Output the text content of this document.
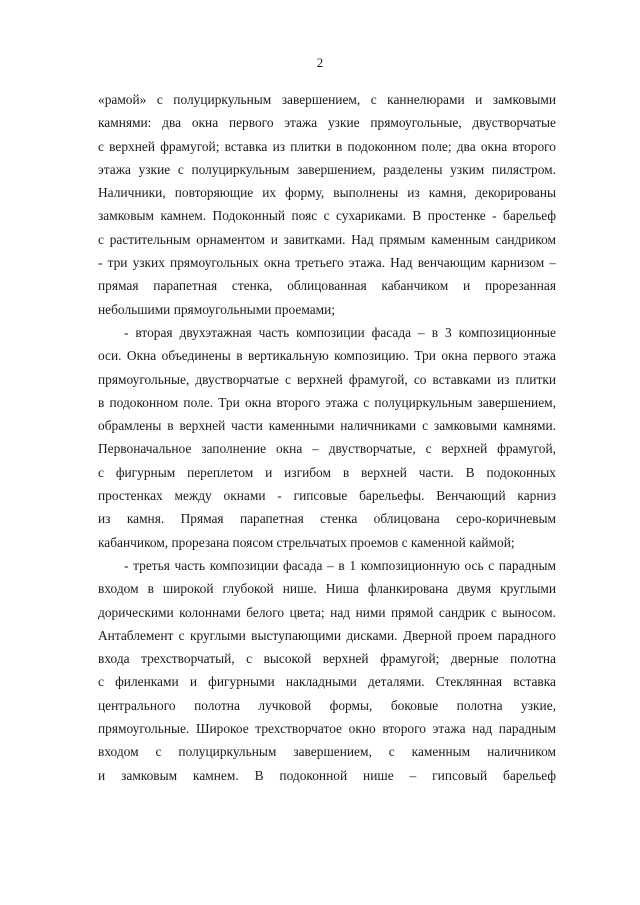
2
«рамой» с полуциркульным завершением, с каннелюрами и замковыми
камнями: два окна первого этажа узкие прямоугольные, двустворчатые
с верхней фрамугой; вставка из плитки в подоконном поле; два окна второго
этажа узкие с полуциркульным завершением, разделены узким пилястром.
Наличники, повторяющие их форму, выполнены из камня, декорированы
замковым камнем. Подоконный пояс с сухариками. В простенке - барельеф
с растительным орнаментом и завитками. Над прямым каменным сандриком
- три узких прямоугольных окна третьего этажа. Над венчающим карнизом –
прямая парапетная стенка, облицованная кабанчиком и прорезанная
небольшими прямоугольными проемами;
- вторая двухэтажная часть композиции фасада – в 3 композиционные
оси. Окна объединены в вертикальную композицию. Три окна первого этажа
прямоугольные, двустворчатые с верхней фрамугой, со вставками из плитки
в подоконном поле. Три окна второго этажа с полуциркульным завершением,
обрамлены в верхней части каменными наличниками с замковыми камнями.
Первоначальное заполнение окна – двустворчатые, с верхней фрамугой,
с фигурным переплетом и изгибом в верхней части. В подоконных
простенках между окнами - гипсовые барельефы. Венчающий карниз
из камня. Прямая парапетная стенка облицована серо-коричневым
кабанчиком, прорезана поясом стрельчатых проемов с каменной каймой;
- третья часть композиции фасада – в 1 композиционную ось с парадным
входом в широкой глубокой нише. Ниша фланкирована двумя круглыми
дорическими колоннами белого цвета; над ними прямой сандрик с выносом.
Антаблемент с круглыми выступающими дисками. Дверной проем парадного
входа трехстворчатый, с высокой верхней фрамугой; дверные полотна
с филенками и фигурными накладными деталями. Стеклянная вставка
центрального полотна лучковой формы, боковые полотна узкие,
прямоугольные. Широкое трехстворчатое окно второго этажа над парадным
входом с полуциркульным завершением, с каменным наличником
и замковым камнем. В подоконной нише – гипсовый барельеф
